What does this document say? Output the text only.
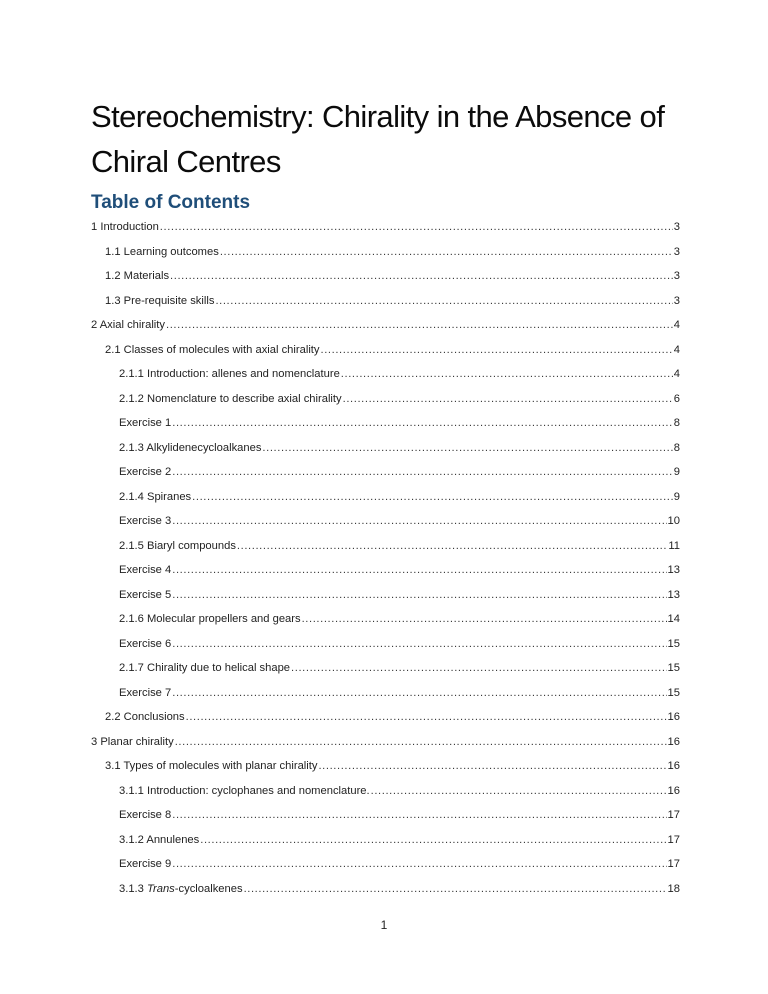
Stereochemistry: Chirality in the Absence of Chiral Centres
Table of Contents
1 Introduction .....	3
1.1 Learning outcomes .....	3
1.2 Materials .....	3
1.3 Pre-requisite skills .....	3
2 Axial chirality .....	4
2.1 Classes of molecules with axial chirality .....	4
2.1.1 Introduction: allenes and nomenclature .....	4
2.1.2 Nomenclature to describe axial chirality .....	6
Exercise 1 .....	8
2.1.3 Alkylidenecycloalkanes .....	8
Exercise 2 .....	9
2.1.4 Spiranes .....	9
Exercise 3 .....	10
2.1.5 Biaryl compounds .....	11
Exercise 4 .....	13
Exercise 5 .....	13
2.1.6 Molecular propellers and gears .....	14
Exercise 6 .....	15
2.1.7 Chirality due to helical shape .....	15
Exercise 7 .....	15
2.2 Conclusions .....	16
3 Planar chirality .....	16
3.1 Types of molecules with planar chirality .....	16
3.1.1 Introduction: cyclophanes and nomenclature. .....	16
Exercise 8 .....	17
3.1.2 Annulenes .....	17
Exercise 9 .....	17
3.1.3 Trans-cycloalkenes .....	18
1
